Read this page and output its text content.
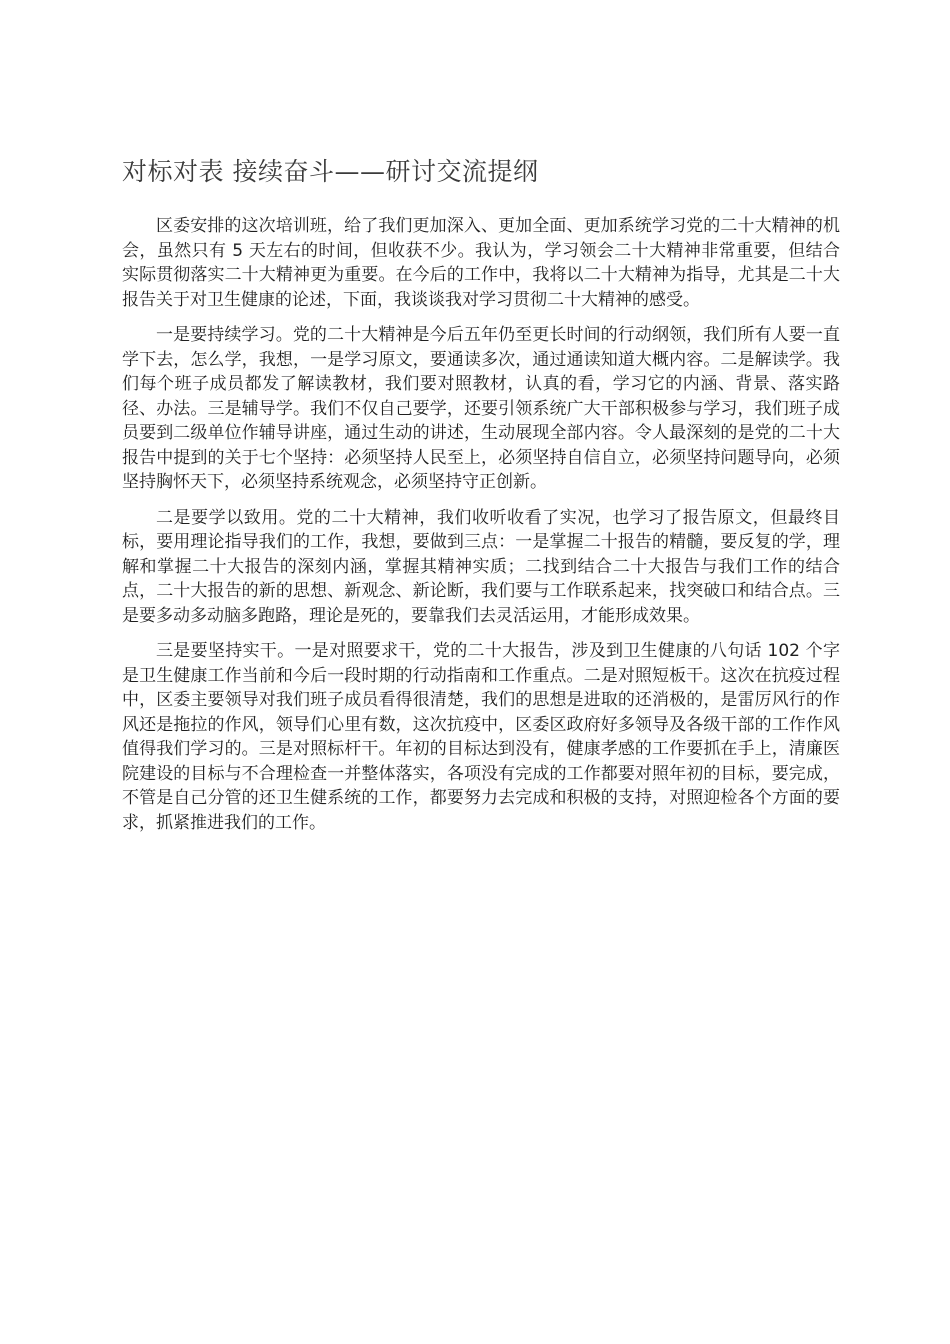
对标对表 接续奋斗——研讨交流提纲

区委安排的这次培训班，给了我们更加深入、更加全面、更加系统学习党的二十大精神的机会，虽然只有 5 天左右的时间，但收获不少。我认为，学习领会二十大精神非常重要，但结合实际贯彻落实二十大精神更为重要。在今后的工作中，我将以二十大精神为指导，尤其是二十大报告关于对卫生健康的论述，下面，我谈谈我对学习贯彻二十大精神的感受。

一是要持续学习。党的二十大精神是今后五年仍至更长时间的行动纲领，我们所有人要一直学下去，怎么学，我想，一是学习原文，要通读多次，通过通读知道大概内容。二是解读学。我们每个班子成员都发了解读教材，我们要对照教材，认真的看，学习它的内涵、背景、落实路径、办法。三是辅导学。我们不仅自己要学，还要引领系统广大干部积极参与学习，我们班子成员要到二级单位作辅导讲座，通过生动的讲述，生动展现全部内容。令人最深刻的是党的二十大报告中提到的关于七个坚持：必须坚持人民至上，必须坚持自信自立，必须坚持问题导向，必须坚持胸怀天下，必须坚持系统观念，必须坚持守正创新。

二是要学以致用。党的二十大精神，我们收听收看了实况，也学习了报告原文，但最终目标，要用理论指导我们的工作，我想，要做到三点：一是掌握二十报告的精髓，要反复的学，理解和掌握二十大报告的深刻内涵，掌握其精神实质；二找到结合二十大报告与我们工作的结合点，二十大报告的新的思想、新观念、新论断，我们要与工作联系起来，找突破口和结合点。三是要多动多动脑多跑路，理论是死的，要靠我们去灵活运用，才能形成效果。

三是要坚持实干。一是对照要求干，党的二十大报告，涉及到卫生健康的八句话 102 个字是卫生健康工作当前和今后一段时期的行动指南和工作重点。二是对照短板干。这次在抗疫过程中，区委主要领导对我们班子成员看得很清楚，我们的思想是进取的还消极的，是雷厉风行的作风还是拖拉的作风，领导们心里有数，这次抗疫中，区委区政府好多领导及各级干部的工作作风值得我们学习的。三是对照标杆干。年初的目标达到没有，健康孝感的工作要抓在手上，清廉医院建设的目标与不合理检查一并整体落实，各项没有完成的工作都要对照年初的目标，要完成，不管是自己分管的还卫生健系统的工作，都要努力去完成和积极的支持，对照迎检各个方面的要求，抓紧推进我们的工作。
